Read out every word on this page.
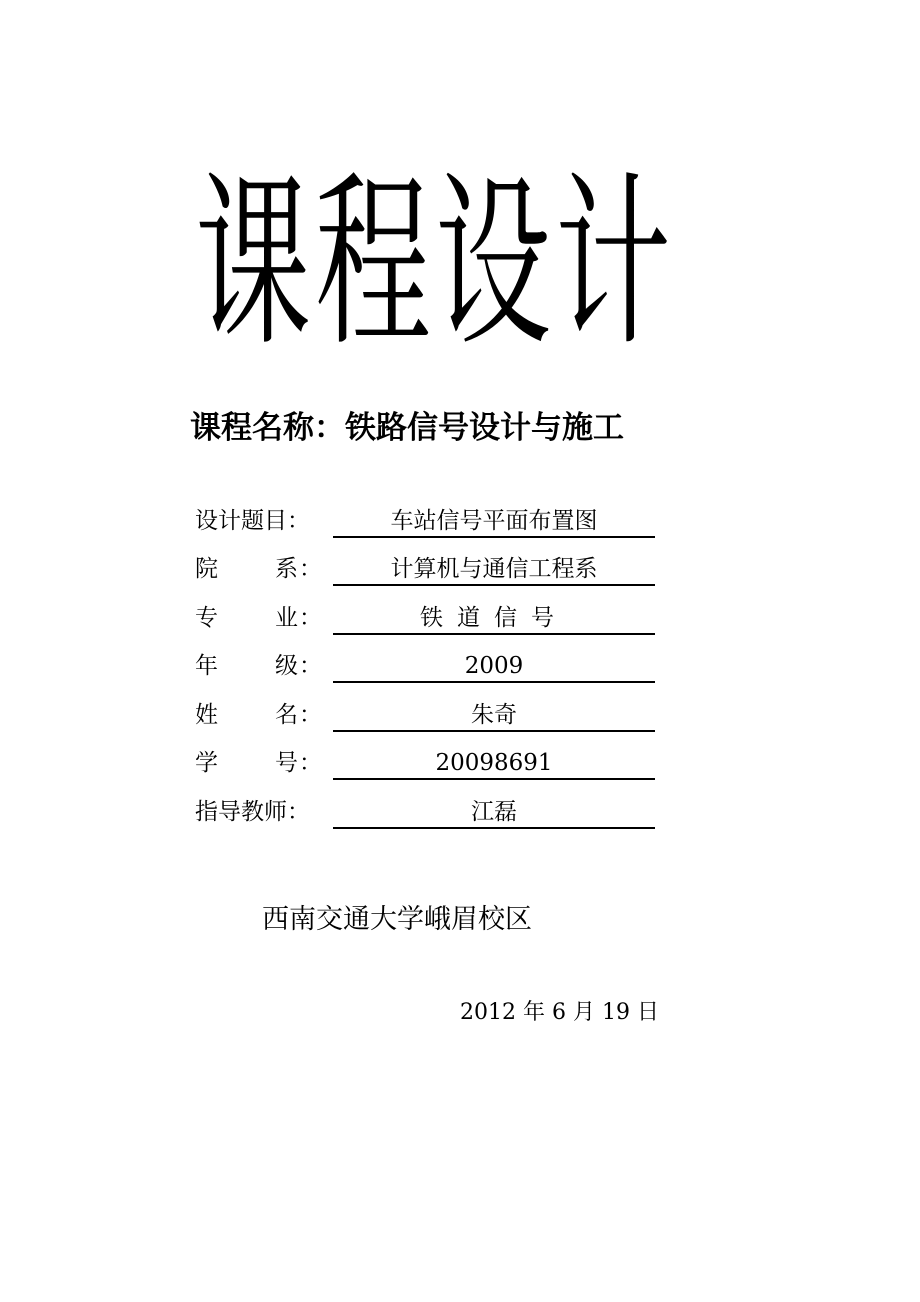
课程设计
课程名称：铁路信号设计与施工
设计题目：	车站信号平面布置图
院 系 ：	计算机与通信工程系
专 业 ：	铁道信号
年 级 ：	2009
姓 名 ：	朱奇
学 号 ：	20098691
指导教师：	江磊
西南交通大学峨眉校区
2012 年 6 月 19 日
